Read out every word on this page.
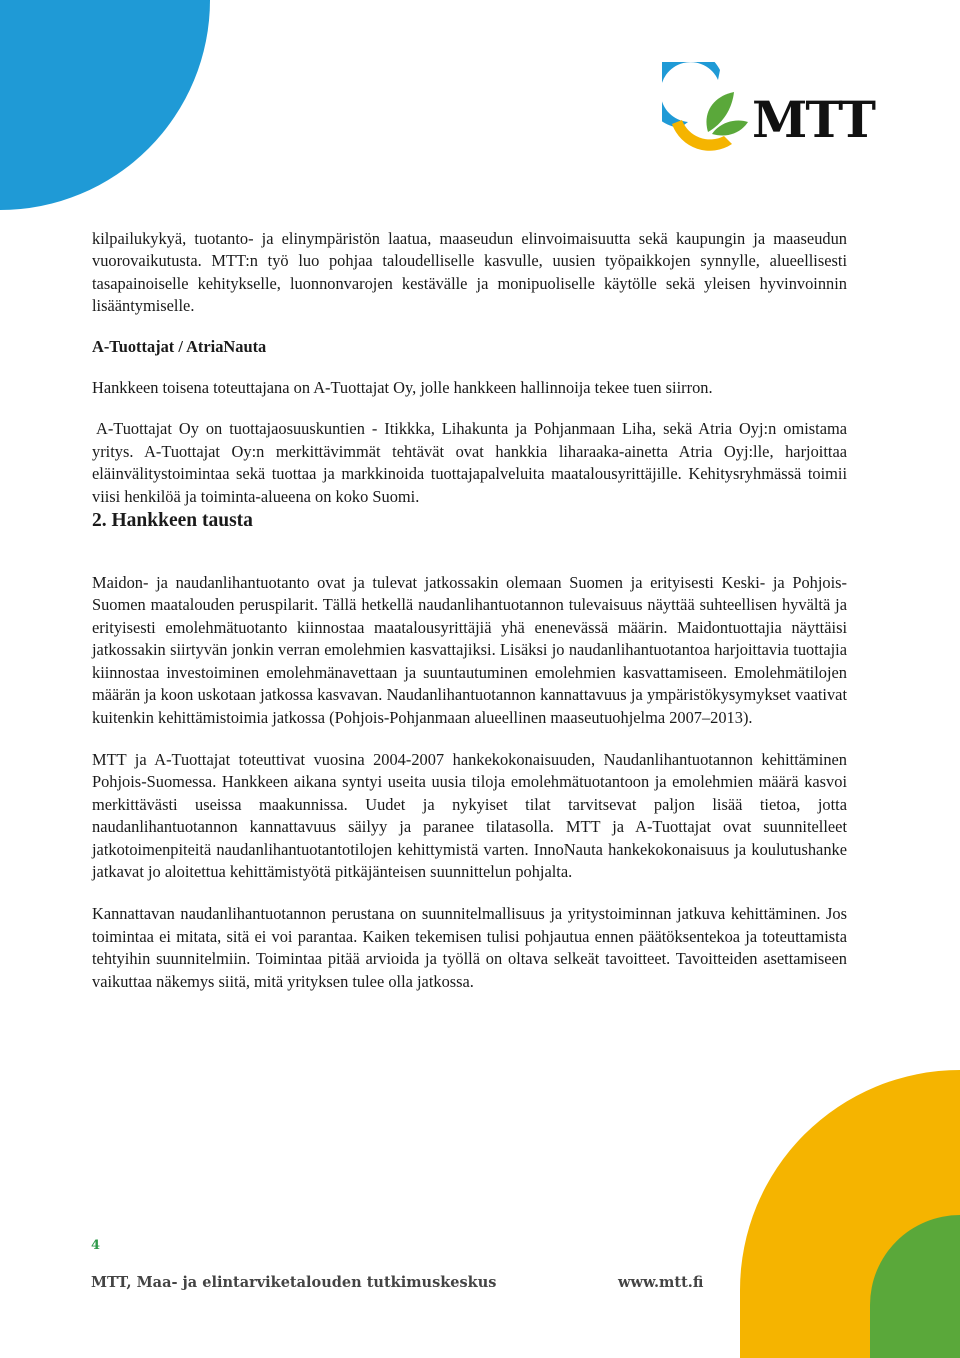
MTT

kilpailukykyä, tuotanto- ja elinympäristön laatua, maaseudun elinvoimaisuutta sekä kaupungin ja maaseudun vuorovaikutusta. MTT:n työ luo pohjaa taloudelliselle kasvulle, uusien työpaikkojen synnylle, alueellisesti tasapainoiselle kehitykselle, luonnonvarojen kestävälle ja monipuoliselle käytölle sekä yleisen hyvinvoinnin lisääntymiselle.

A-Tuottajat / AtriaNauta

Hankkeen toisena toteuttajana on A-Tuottajat Oy, jolle hankkeen hallinnoija tekee tuen siirron.

A-Tuottajat Oy on tuottajaosuuskuntien - Itikkka, Lihakunta ja Pohjanmaan Liha, sekä Atria Oyj:n omistama yritys. A-Tuottajat Oy:n merkittävimmät tehtävät ovat hankkia liharaaka-ainetta Atria Oyj:lle, harjoittaa eläinvälitystoimintaa sekä tuottaa ja markkinoida tuottajapalveluita maatalousyrittäjille. Kehitysryhmässä toimii viisi henkilöä ja toiminta-alueena on koko Suomi.

2. Hankkeen tausta

Maidon- ja naudanlihantuotanto ovat ja tulevat jatkossakin olemaan Suomen ja erityisesti Keski- ja Pohjois-Suomen maatalouden peruspilarit. Tällä hetkellä naudanlihantuotannon tulevaisuus näyttää suhteellisen hyvältä ja erityisesti emolehmätuotanto kiinnostaa maatalousyrittäjiä yhä enenevässä määrin. Maidontuottajia näyttäisi jatkossakin siirtyvän jonkin verran emolehmien kasvattajiksi. Lisäksi jo naudanlihantuotantoa harjoittavia tuottajia kiinnostaa investoiminen emolehmänavettaan ja suuntautuminen emolehmien kasvattamiseen. Emolehmätilojen määrän ja koon uskotaan jatkossa kasvavan. Naudanlihantuotannon kannattavuus ja ympäristökysymykset vaativat kuitenkin kehittämistoimia jatkossa (Pohjois-Pohjanmaan alueellinen maaseutuohjelma 2007–2013).

MTT ja A-Tuottajat toteuttivat vuosina 2004-2007 hankekokonaisuuden, Naudanlihantuotannon kehittäminen Pohjois-Suomessa. Hankkeen aikana syntyi useita uusia tiloja emolehmätuotantoon ja emolehmien määrä kasvoi merkittävästi useissa maakunnissa. Uudet ja nykyiset tilat tarvitsevat paljon lisää tietoa, jotta naudanlihantuotannon kannattavuus säilyy ja paranee tilatasolla. MTT ja A-Tuottajat ovat suunnitelleet jatkotoimenpiteitä naudanlihantuotantotilojen kehittymistä varten. InnoNauta hankekokonaisuus ja koulutushanke jatkavat jo aloitettua kehittämistyötä pitkäjänteisen suunnittelun pohjalta.

Kannattavan naudanlihantuotannon perustana on suunnitelmallisuus ja yritystoiminnan jatkuva kehittäminen. Jos toimintaa ei mitata, sitä ei voi parantaa. Kaiken tekemisen tulisi pohjautua ennen päätöksentekoa ja toteuttamista tehtyihin suunnitelmiin. Toimintaa pitää arvioida ja työllä on oltava selkeät tavoitteet. Tavoitteiden asettamiseen vaikuttaa näkemys siitä, mitä yrityksen tulee olla jatkossa.

4
MTT, Maa- ja elintarviketalouden tutkimuskeskus	www.mtt.fi
